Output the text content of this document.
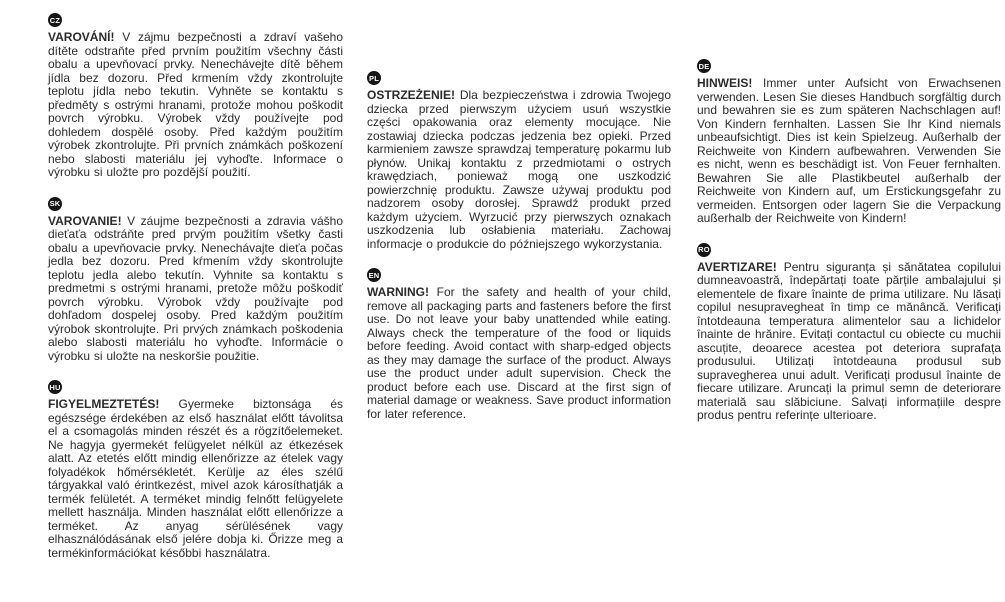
CZ

VAROVÁNÍ! V zájmu bezpečnosti a zdraví vašeho dítěte odstraňte před prvním použitím všechny části obalu a upevňovací prvky. Nenechávejte dítě během jídla bez dozoru. Před krmením vždy zkontrolujte teplotu jídla nebo tekutin. Vyhněte se kontaktu s předměty s ostrými hranami, protože mohou poškodit povrch výrobku. Výrobek vždy používejte pod dohledem dospělé osoby. Před každým použitím výrobek zkontrolujte. Při prvních známkách poškození nebo slabosti materiálu jej vyhoďte. Informace o výrobku si uložte pro pozdější použití.

SK

VAROVANIE! V záujme bezpečnosti a zdravia vášho dieťaťa odstráňte pred prvým použitím všetky časti obalu a upevňovacie prvky. Nenechávajte dieťa počas jedla bez dozoru. Pred kŕmením vždy skontrolujte teplotu jedla alebo tekutín. Vyhnite sa kontaktu s predmetmi s ostrými hranami, pretože môžu poškodiť povrch výrobku. Výrobok vždy používajte pod dohľadom dospelej osoby. Pred každým použitím výrobok skontrolujte. Pri prvých známkach poškodenia alebo slabosti materiálu ho vyhoďte. Informácie o výrobku si uložte na neskoršie použitie.

HU

FIGYELMEZTETÉS! Gyermeke biztonsága és egészsége érdekében az első használat előtt távolitsa el a csomagolás minden részét és a rögzítőelemeket. Ne hagyja gyermekét felügyelet nélkül az étkezések alatt. Az etetés előtt mindig ellenőrizze az ételek vagy folyadékok hőmérsékletét. Kerülje az éles szélű tárgyakkal való érintkezést, mivel azok károsíthatják a termék felületét. A terméket mindig felnőtt felügyelete mellett használja. Minden használat előtt ellenőrizze a terméket. Az anyag sérülésének vagy elhasználódásának első jelére dobja ki. Őrizze meg a termékinformációkat későbbi használatra.

PL

OSTRZEŻENIE! Dla bezpieczeństwa i zdrowia Twojego dziecka przed pierwszym użyciem usuń wszystkie części opakowania oraz elementy mocujące. Nie zostawiaj dziecka podczas jedzenia bez opieki. Przed karmieniem zawsze sprawdzaj temperaturę pokarmu lub płynów. Unikaj kontaktu z przedmiotami o ostrych krawędziach, ponieważ mogą one uszkodzić powierzchnię produktu. Zawsze używaj produktu pod nadzorem osoby dorosłej. Sprawdź produkt przed każdym użyciem. Wyrzucić przy pierwszych oznakach uszkodzenia lub osłabienia materiału. Zachowaj informacje o produkcie do późniejszego wykorzystania.

EN

WARNING! For the safety and health of your child, remove all packaging parts and fasteners before the first use. Do not leave your baby unattended while eating. Always check the temperature of the food or liquids before feeding. Avoid contact with sharp-edged objects as they may damage the surface of the product. Always use the product under adult supervision. Check the product before each use. Discard at the first sign of material damage or weakness. Save product information for later reference.

DE

HINWEIS! Immer unter Aufsicht von Erwachsenen verwenden. Lesen Sie dieses Handbuch sorgfältig durch und bewahren sie es zum späteren Nachschlagen auf! Von Kindern fernhalten. Lassen Sie Ihr Kind niemals unbeaufsichtigt. Dies ist kein Spielzeug. Außerhalb der Reichweite von Kindern aufbewahren. Verwenden Sie es nicht, wenn es beschädigt ist. Von Feuer fernhalten. Bewahren Sie alle Plastikbeutel außerhalb der Reichweite von Kindern auf, um Erstickungsgefahr zu vermeiden. Entsorgen oder lagern Sie die Verpackung außerhalb der Reichweite von Kindern!

RO

AVERTIZARE! Pentru siguranța și sănătatea copilului dumneavoastră, îndepărtați toate părțile ambalajului și elementele de fixare înainte de prima utilizare. Nu lăsați copilul nesupravegheat în timp ce mănâncă. Verificați întotdeauna temperatura alimentelor sau a lichidelor înainte de hrănire. Evitați contactul cu obiecte cu muchii ascuțite, deoarece acestea pot deteriora suprafața produsului. Utilizați întotdeauna produsul sub supravegherea unui adult. Verificați produsul înainte de fiecare utilizare. Aruncați la primul semn de deteriorare materială sau slăbiciune. Salvați informațiile despre produs pentru referințe ulterioare.
